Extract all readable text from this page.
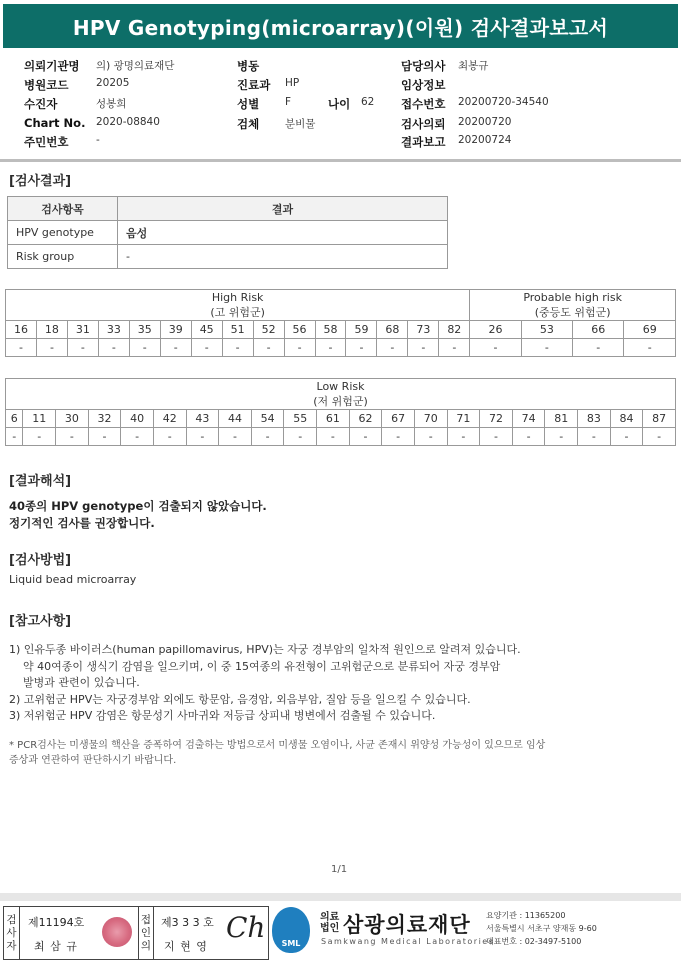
HPV Genotyping(microarray)(이원) 검사결과보고서
의뢰기관명 의) 광명의료재단	병동	담당의사 최봉규
병원코드	20205	진료과 HP	임상정보
수진자	성봉희	성별 F	나이 62 접수번호 20200720-34540
Chart No. 2020-08840	검체 분비물	검사의뢰 20200720
주민번호	-	결과보고 20200724
[검사결과]
검사항목	결과
HPV genotype	음성
Risk group	-
High Risk
(고 위험군)															Probable high risk
(중등도 위험군)			
16	18	31	33	35	39	45	51	52	56	58	59	68	73	82	26	53	66	69
-	-	-	-	-	-	-	-	-	-	-	-	-	-	-	-	-	-	-
Low Risk
(저 위험군)																				
6	11	30	32	40	42	43	44	54	55	61	62	67	70	71	72	74	81	83	84	87
-	-	-	-	-	-	-	-	-	-	-	-	-	-	-	-	-	-	-	-	-
[결과해석]
40종의 HPV genotype이 검출되지 않았습니다.
정기적인 검사를 권장합니다.
[검사방법]
Liquid bead microarray
[참고사항]
1) 인유두종 바이러스(human papillomavirus, HPV)는 자궁 경부암의 일차적 원인으로 알려져 있습니다.
약 40여종이 생식기 감염을 일으키며, 이 중 15여종의 유전형이 고위험군으로 분류되어 자궁 경부암
발병과 관련이 있습니다.
2) 고위험군 HPV는 자궁경부암 외에도 항문암, 음경암, 외음부암, 질암 등을 일으킬 수 있습니다.
3) 저위험군 HPV 감염은 항문성기 사마귀와 저등급 상피내 병변에서 검출될 수 있습니다.
* PCR검사는 미생물의 핵산을 증폭하여 검출하는 방법으로서 미생물 오염이나, 사균 존재시 위양성 가능성이 있으므로 임상
증상과 연관하여 판단하시기 바랍니다.
1/1
검
사
자
제11194호
최 삼 규
접
인
의
제3 3 3 호
지 현 영
Ch SML
의료
법인 삼광의료재단
Samkwang Medical Laboratories
요양기관 : 11365200
서울특별시 서초구 양재동 9-60
대표번호 : 02-3497-5100
